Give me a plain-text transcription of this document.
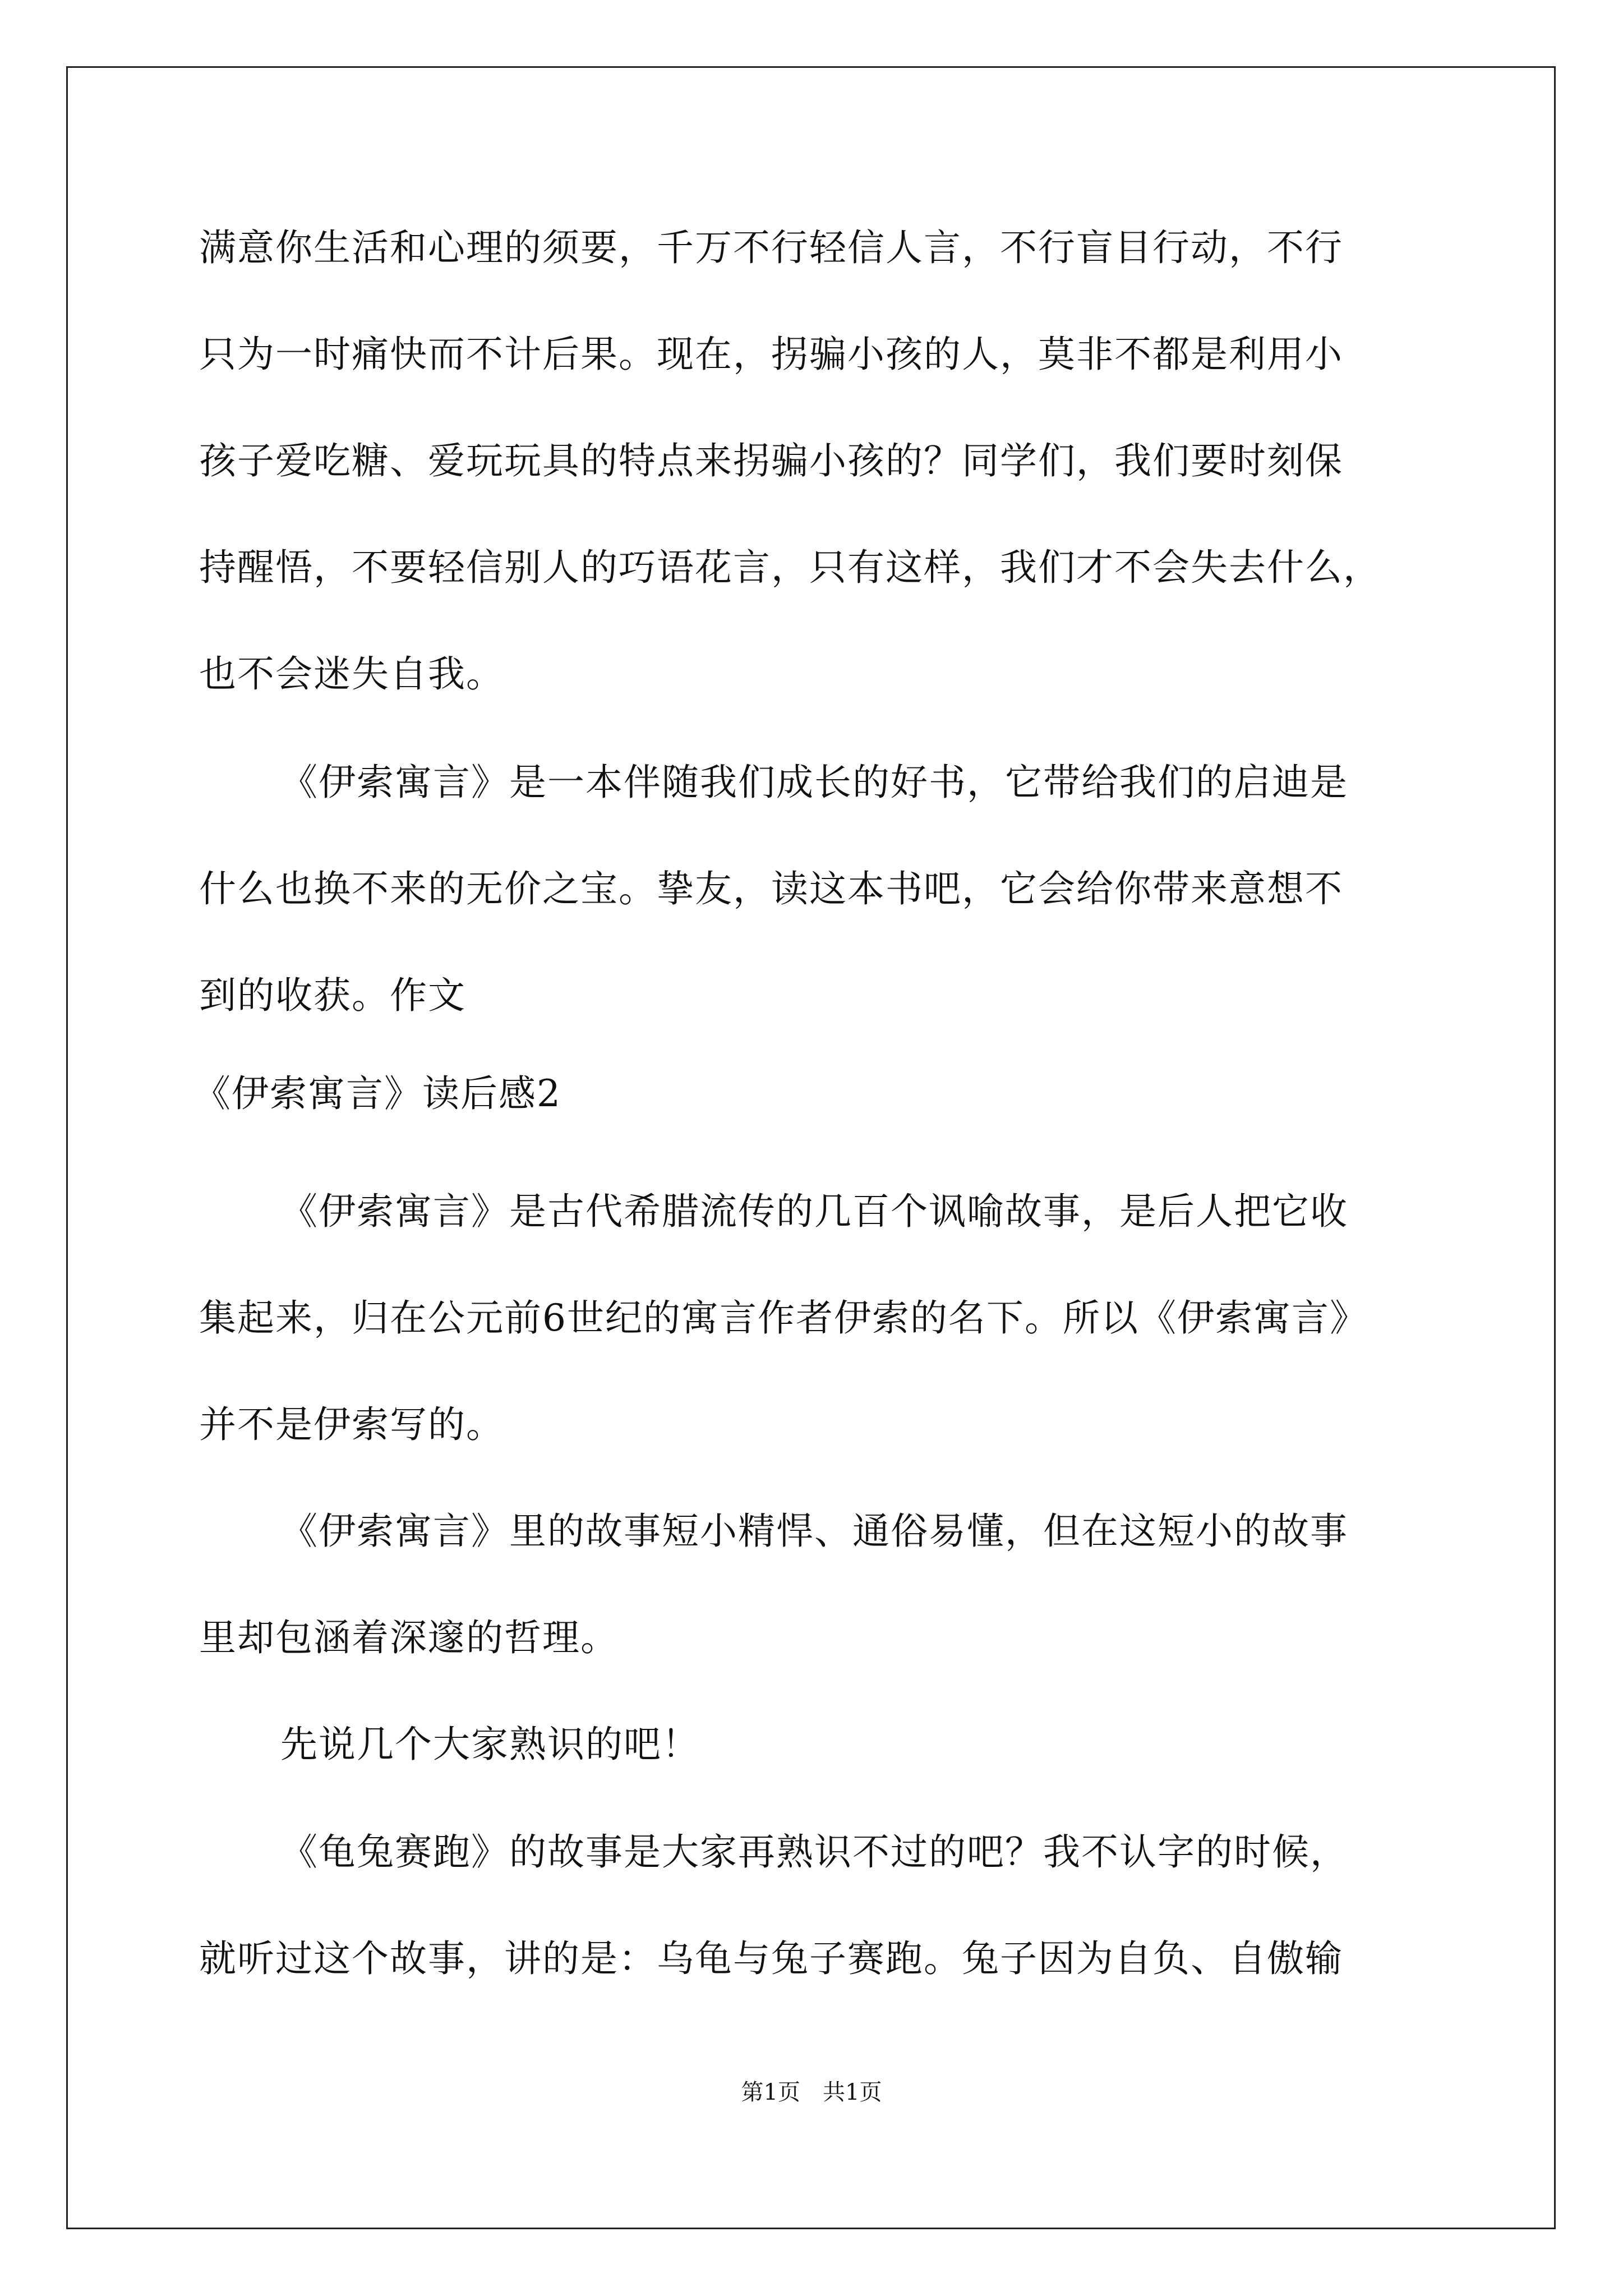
满意你生活和心理的须要，千万不行轻信人言，不行盲目行动，不行
只为一时痛快而不计后果。现在，拐骗小孩的人，莫非不都是利用小
孩子爱吃糖、爱玩玩具的特点来拐骗小孩的？同学们，我们要时刻保
持醒悟，不要轻信别人的巧语花言，只有这样，我们才不会失去什么，
也不会迷失自我。
《伊索寓言》是一本伴随我们成长的好书，它带给我们的启迪是
什么也换不来的无价之宝。挚友，读这本书吧，它会给你带来意想不
到的收获。作文
《伊索寓言》读后感2
《伊索寓言》是古代希腊流传的几百个讽喻故事，是后人把它收
集起来，归在公元前6世纪的寓言作者伊索的名下。所以《伊索寓言》
并不是伊索写的。
《伊索寓言》里的故事短小精悍、通俗易懂，但在这短小的故事
里却包涵着深邃的哲理。
先说几个大家熟识的吧！
《龟兔赛跑》的故事是大家再熟识不过的吧？我不认字的时候，
就听过这个故事，讲的是：乌龟与兔子赛跑。兔子因为自负、自傲输
第1页 共1页
